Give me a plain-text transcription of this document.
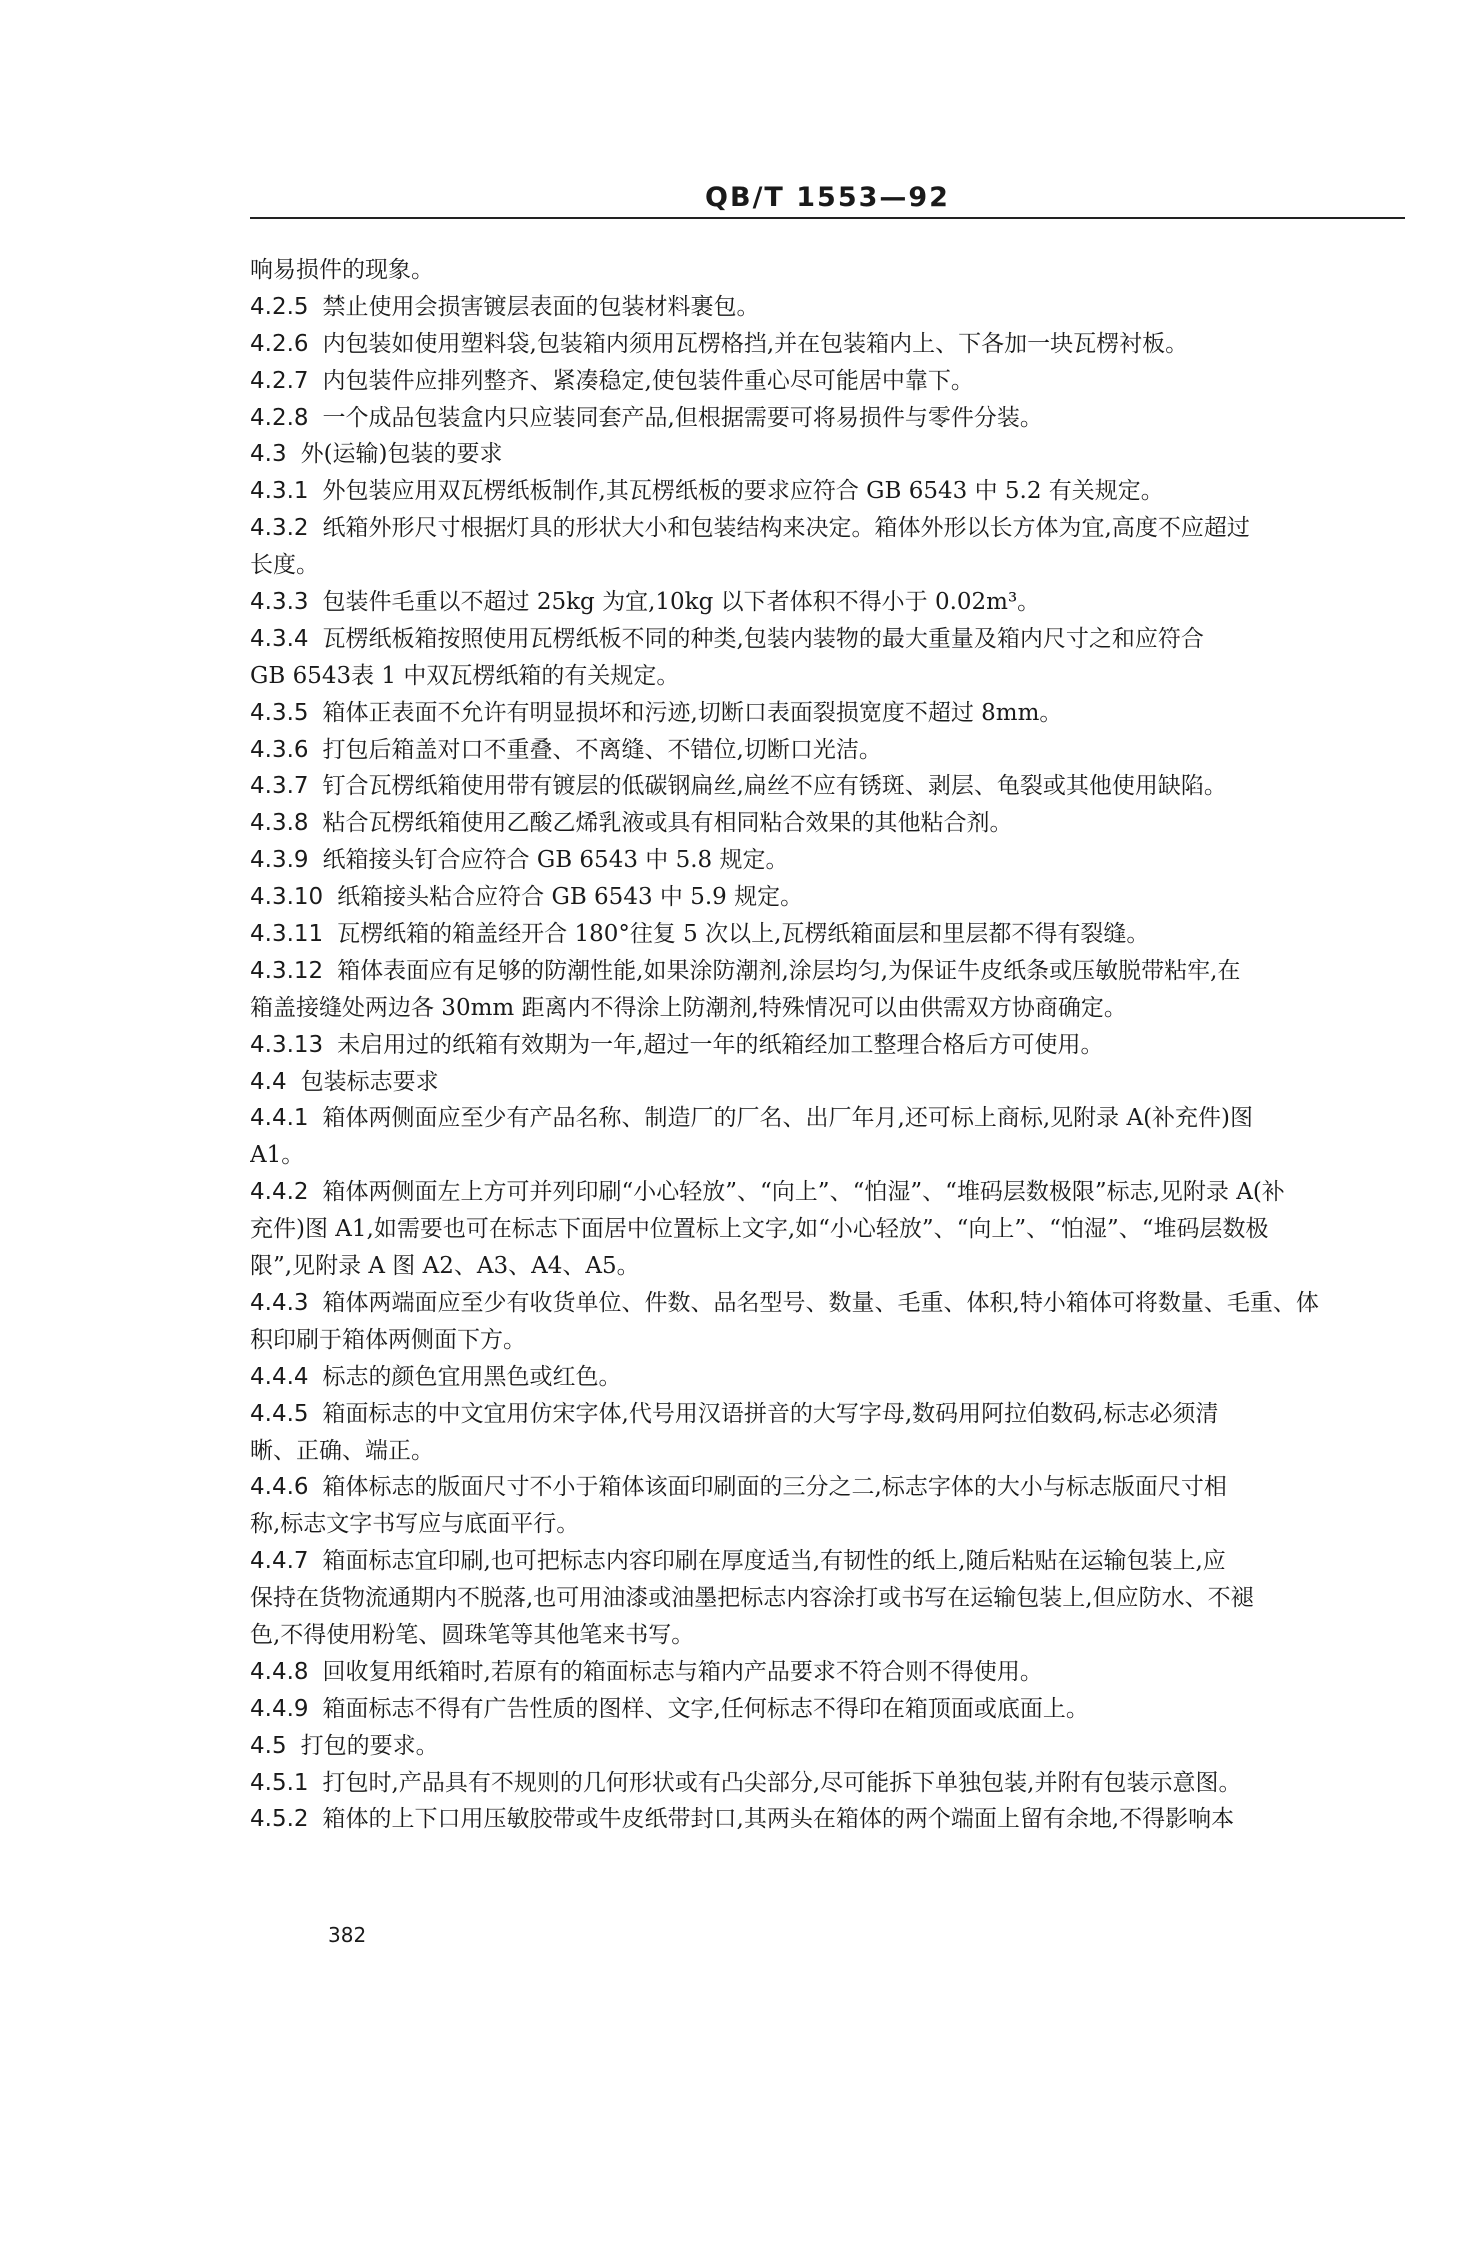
QB/T 1553—92
响易损件的现象。
4.2.5 禁止使用会损害镀层表面的包装材料裹包。
4.2.6 内包装如使用塑料袋,包装箱内须用瓦楞格挡,并在包装箱内上、下各加一块瓦楞衬板。
4.2.7 内包装件应排列整齐、紧凑稳定,使包装件重心尽可能居中靠下。
4.2.8 一个成品包装盒内只应装同套产品,但根据需要可将易损件与零件分装。
4.3 外(运输)包装的要求
4.3.1 外包装应用双瓦楞纸板制作,其瓦楞纸板的要求应符合 GB 6543 中 5.2 有关规定。
4.3.2 纸箱外形尺寸根据灯具的形状大小和包装结构来决定。箱体外形以长方体为宜,高度不应超过
长度。
4.3.3 包装件毛重以不超过 25kg 为宜,10kg 以下者体积不得小于 0.02m³。
4.3.4 瓦楞纸板箱按照使用瓦楞纸板不同的种类,包装内装物的最大重量及箱内尺寸之和应符合
GB 6543表 1 中双瓦楞纸箱的有关规定。
4.3.5 箱体正表面不允许有明显损坏和污迹,切断口表面裂损宽度不超过 8mm。
4.3.6 打包后箱盖对口不重叠、不离缝、不错位,切断口光洁。
4.3.7 钉合瓦楞纸箱使用带有镀层的低碳钢扁丝,扁丝不应有锈斑、剥层、龟裂或其他使用缺陷。
4.3.8 粘合瓦楞纸箱使用乙酸乙烯乳液或具有相同粘合效果的其他粘合剂。
4.3.9 纸箱接头钉合应符合 GB 6543 中 5.8 规定。
4.3.10 纸箱接头粘合应符合 GB 6543 中 5.9 规定。
4.3.11 瓦楞纸箱的箱盖经开合 180°往复 5 次以上,瓦楞纸箱面层和里层都不得有裂缝。
4.3.12 箱体表面应有足够的防潮性能,如果涂防潮剂,涂层均匀,为保证牛皮纸条或压敏脱带粘牢,在
箱盖接缝处两边各 30mm 距离内不得涂上防潮剂,特殊情况可以由供需双方协商确定。
4.3.13 未启用过的纸箱有效期为一年,超过一年的纸箱经加工整理合格后方可使用。
4.4 包装标志要求
4.4.1 箱体两侧面应至少有产品名称、制造厂的厂名、出厂年月,还可标上商标,见附录 A(补充件)图
A1。
4.4.2 箱体两侧面左上方可并列印刷“小心轻放”、“向上”、“怕湿”、“堆码层数极限”标志,见附录 A(补
充件)图 A1,如需要也可在标志下面居中位置标上文字,如“小心轻放”、“向上”、“怕湿”、“堆码层数极
限”,见附录 A 图 A2、A3、A4、A5。
4.4.3 箱体两端面应至少有收货单位、件数、品名型号、数量、毛重、体积,特小箱体可将数量、毛重、体
积印刷于箱体两侧面下方。
4.4.4 标志的颜色宜用黑色或红色。
4.4.5 箱面标志的中文宜用仿宋字体,代号用汉语拼音的大写字母,数码用阿拉伯数码,标志必须清
晰、正确、端正。
4.4.6 箱体标志的版面尺寸不小于箱体该面印刷面的三分之二,标志字体的大小与标志版面尺寸相
称,标志文字书写应与底面平行。
4.4.7 箱面标志宜印刷,也可把标志内容印刷在厚度适当,有韧性的纸上,随后粘贴在运输包装上,应
保持在货物流通期内不脱落,也可用油漆或油墨把标志内容涂打或书写在运输包装上,但应防水、不褪
色,不得使用粉笔、圆珠笔等其他笔来书写。
4.4.8 回收复用纸箱时,若原有的箱面标志与箱内产品要求不符合则不得使用。
4.4.9 箱面标志不得有广告性质的图样、文字,任何标志不得印在箱顶面或底面上。
4.5 打包的要求。
4.5.1 打包时,产品具有不规则的几何形状或有凸尖部分,尽可能拆下单独包装,并附有包装示意图。
4.5.2 箱体的上下口用压敏胶带或牛皮纸带封口,其两头在箱体的两个端面上留有余地,不得影响本
382
